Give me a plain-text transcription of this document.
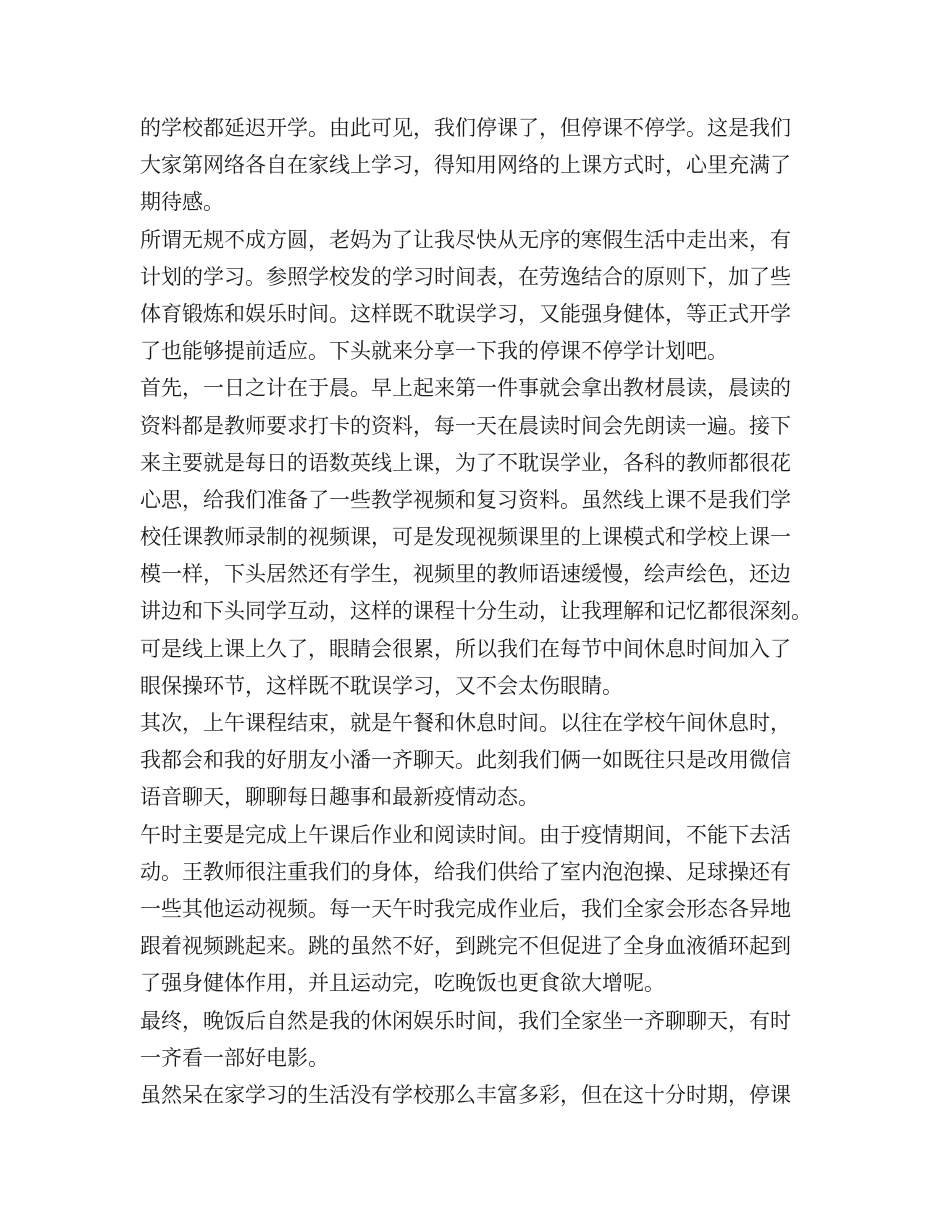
的学校都延迟开学。由此可见，我们停课了，但停课不停学。这是我们
大家第网络各自在家线上学习，得知用网络的上课方式时，心里充满了
期待感。
所谓无规不成方圆，老妈为了让我尽快从无序的寒假生活中走出来，有
计划的学习。参照学校发的学习时间表，在劳逸结合的原则下，加了些
体育锻炼和娱乐时间。这样既不耽误学习，又能强身健体，等正式开学
了也能够提前适应。下头就来分享一下我的停课不停学计划吧。
首先，一日之计在于晨。早上起来第一件事就会拿出教材晨读，晨读的
资料都是教师要求打卡的资料，每一天在晨读时间会先朗读一遍。接下
来主要就是每日的语数英线上课，为了不耽误学业，各科的教师都很花
心思，给我们准备了一些教学视频和复习资料。虽然线上课不是我们学
校任课教师录制的视频课，可是发现视频课里的上课模式和学校上课一
模一样，下头居然还有学生，视频里的教师语速缓慢，绘声绘色，还边
讲边和下头同学互动，这样的课程十分生动，让我理解和记忆都很深刻。
可是线上课上久了，眼睛会很累，所以我们在每节中间休息时间加入了
眼保操环节，这样既不耽误学习，又不会太伤眼睛。
其次，上午课程结束，就是午餐和休息时间。以往在学校午间休息时，
我都会和我的好朋友小潘一齐聊天。此刻我们俩一如既往只是改用微信
语音聊天，聊聊每日趣事和最新疫情动态。
午时主要是完成上午课后作业和阅读时间。由于疫情期间，不能下去活
动。王教师很注重我们的身体，给我们供给了室内泡泡操、足球操还有
一些其他运动视频。每一天午时我完成作业后，我们全家会形态各异地
跟着视频跳起来。跳的虽然不好，到跳完不但促进了全身血液循环起到
了强身健体作用，并且运动完，吃晚饭也更食欲大增呢。
最终，晚饭后自然是我的休闲娱乐时间，我们全家坐一齐聊聊天，有时
一齐看一部好电影。
虽然呆在家学习的生活没有学校那么丰富多彩，但在这十分时期，停课
